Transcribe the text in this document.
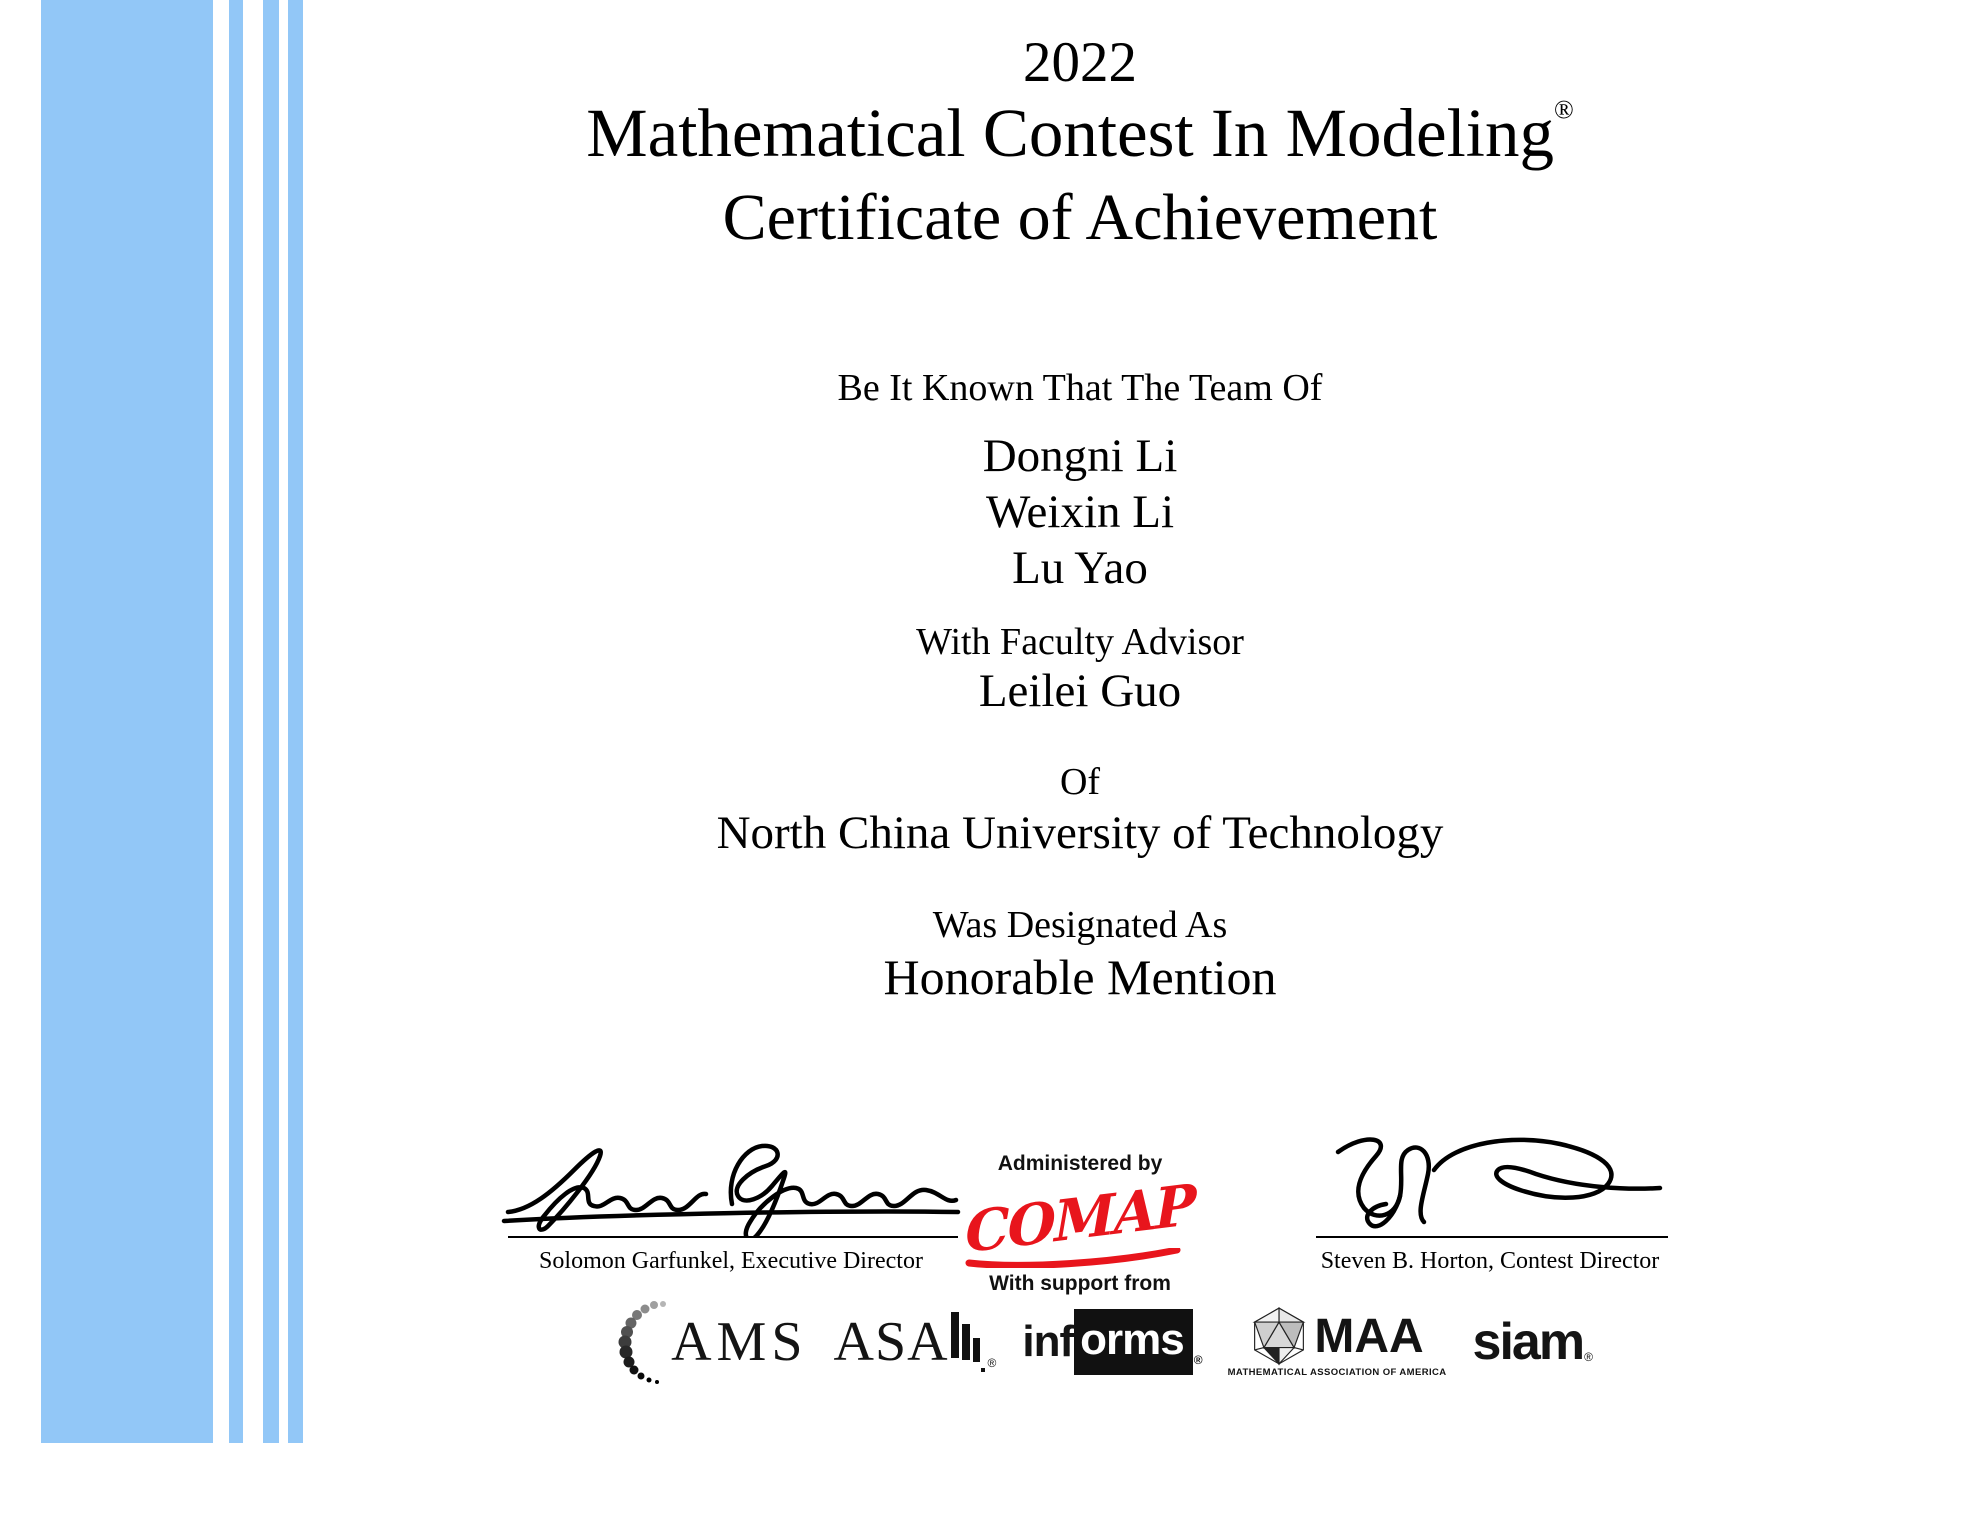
2022
Mathematical Contest In Modeling®
Certificate of Achievement
Be It Known That The Team Of
Dongni Li
Weixin Li
Lu Yao
With Faculty Advisor
Leilei Guo
Of
North China University of Technology
Was Designated As
Honorable Mention
Solomon Garfunkel, Executive Director
Administered by
COMAP
With support from
Steven B. Horton, Contest Director
AMS ASA	® inf orms ® MAA
MATHEMATICAL ASSOCIATION OF AMERICA
siam ®
